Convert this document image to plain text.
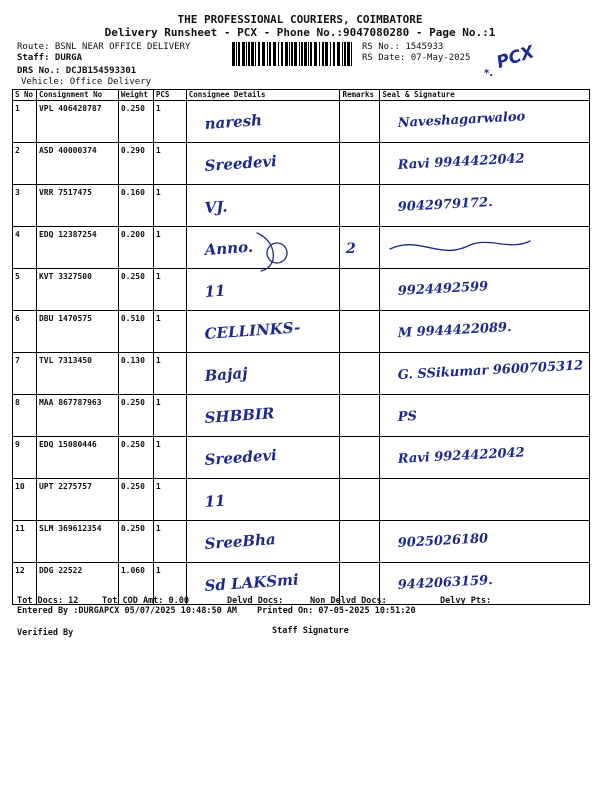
THE PROFESSIONAL COURIERS, COIMBATORE
Delivery Runsheet - PCX - Phone No.:9047080280 - Page No.:1
Route: BSNL NEAR OFFICE DELIVERY
Staff: DURGA
DRS No.: DCJB154593301
Vehicle: Office Delivery
RS No.: 1545933
RS Date: 07-May-2025 PCX
*.
S No	Consignment No	Weight	PCS	Consignee Details	Remarks	Seal & Signature
1	VPL 406428787	0.250	1	naresh		Naveshagarwaloo

2	ASD 40000374	0.290	1	Sreedevi		Ravi 9944422042

3	VRR 7517475	0.160	1	VJ.		9042979172.

4	EDQ 12387254	0.200	1	Anno.	2

5	KVT 3327500	0.250	1	11		9924492599

6	DBU 1470575	0.510	1	CELLINKS-		M 9944422089.

7	TVL 7313450	0.130	1	Bajaj		G. SSikumar 9600705312

8	MAA 867787963	0.250	1	SHBBIR		PS

9	EDQ 15080446	0.250	1	Sreedevi		Ravi 9924422042

10	UPT 2275757	0.250	1	11

11	SLM 369612354	0.250	1	SreeBha		9025026180

12	DDG 22522	1.060	1	Sd LAKSmi		9442063159.
Tot Docs: 12	Tot COD Amt: 0.00	Delvd Docs:	Non Delvd Docs:	Delvy Pts:
Entered By :DURGAPCX 05/07/2025 10:48:50 AM Printed On: 07-05-2025 10:51:20
Verified By	Staff Signature
